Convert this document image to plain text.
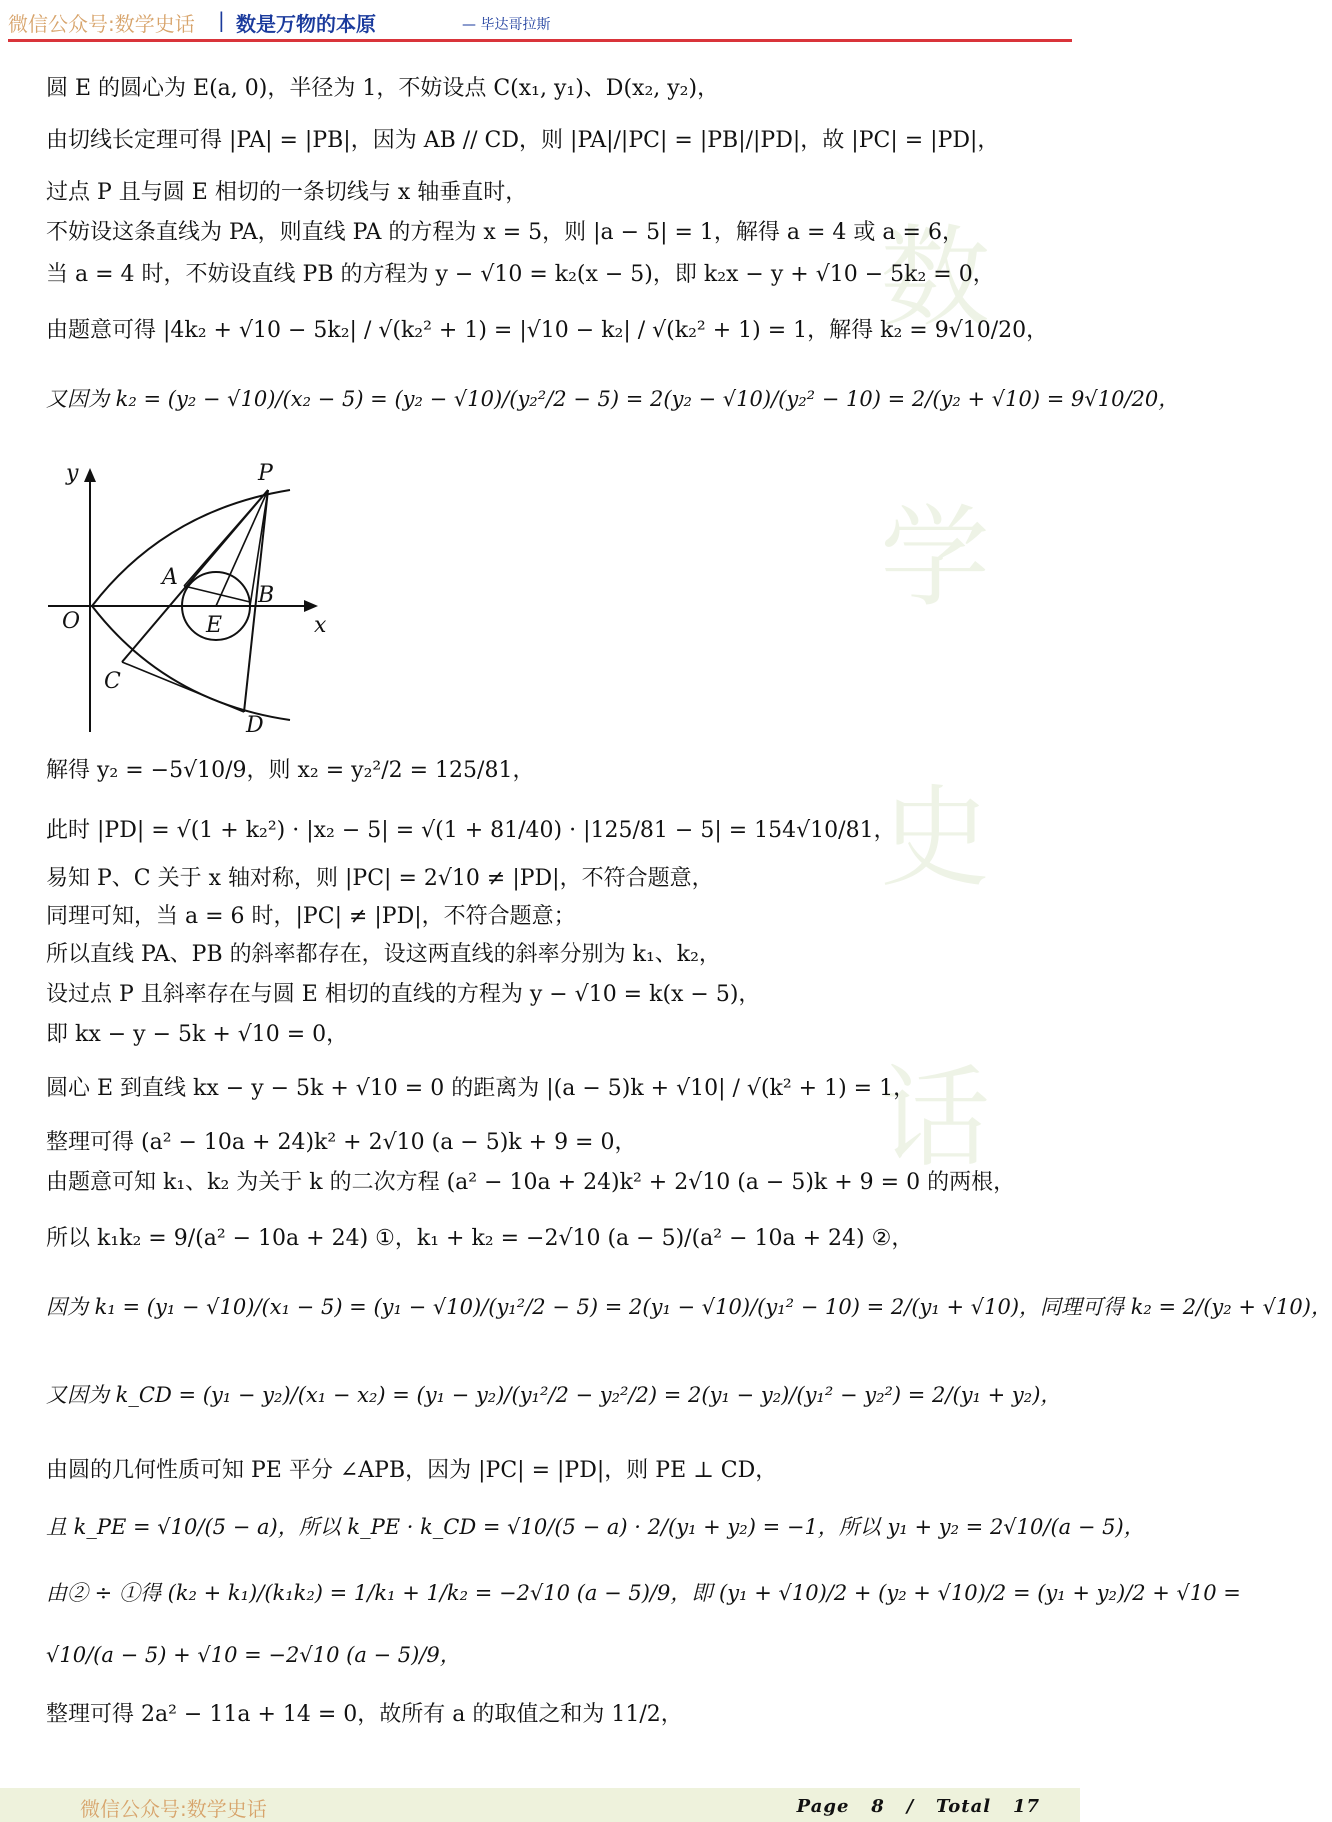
微信公众号:数学史话 | 数是万物的本原	— 毕达哥拉斯
数
学
史
话
圆 E 的圆心为 E(a, 0)，半径为 1，不妨设点 C(x₁, y₁)、D(x₂, y₂)，
由切线长定理可得 |PA| = |PB|，因为 AB // CD，则 |PA|/|PC| = |PB|/|PD|，故 |PC| = |PD|，
过点 P 且与圆 E 相切的一条切线与 x 轴垂直时，
不妨设这条直线为 PA，则直线 PA 的方程为 x = 5，则 |a − 5| = 1，解得 a = 4 或 a = 6，
当 a = 4 时，不妨设直线 PB 的方程为 y − √10 = k₂(x − 5)，即 k₂x − y + √10 − 5k₂ = 0，
由题意可得 |4k₂ + √10 − 5k₂| / √(k₂² + 1) = |√10 − k₂| / √(k₂² + 1) = 1，解得 k₂ = 9√10/20，
又因为 k₂ = (y₂ − √10)/(x₂ − 5) = (y₂ − √10)/(y₂²/2 − 5) = 2(y₂ − √10)/(y₂² − 10) = 2/(y₂ + √10) = 9√10/20，
y
x
O
P
A
B
E
C
D
解得 y₂ = −5√10/9，则 x₂ = y₂²/2 = 125/81，
此时 |PD| = √(1 + k₂²) · |x₂ − 5| = √(1 + 81/40) · |125/81 − 5| = 154√10/81，
易知 P、C 关于 x 轴对称，则 |PC| = 2√10 ≠ |PD|，不符合题意，
同理可知，当 a = 6 时，|PC| ≠ |PD|，不符合题意；
所以直线 PA、PB 的斜率都存在，设这两直线的斜率分别为 k₁、k₂，
设过点 P 且斜率存在与圆 E 相切的直线的方程为 y − √10 = k(x − 5)，
即 kx − y − 5k + √10 = 0，
圆心 E 到直线 kx − y − 5k + √10 = 0 的距离为 |(a − 5)k + √10| / √(k² + 1) = 1，
整理可得 (a² − 10a + 24)k² + 2√10 (a − 5)k + 9 = 0，
由题意可知 k₁、k₂ 为关于 k 的二次方程 (a² − 10a + 24)k² + 2√10 (a − 5)k + 9 = 0 的两根，
所以 k₁k₂ = 9/(a² − 10a + 24) ①，k₁ + k₂ = −2√10 (a − 5)/(a² − 10a + 24) ②，
因为 k₁ = (y₁ − √10)/(x₁ − 5) = (y₁ − √10)/(y₁²/2 − 5) = 2(y₁ − √10)/(y₁² − 10) = 2/(y₁ + √10)，同理可得 k₂ = 2/(y₂ + √10)，
又因为 k_CD = (y₁ − y₂)/(x₁ − x₂) = (y₁ − y₂)/(y₁²/2 − y₂²/2) = 2(y₁ − y₂)/(y₁² − y₂²) = 2/(y₁ + y₂)，
由圆的几何性质可知 PE 平分 ∠APB，因为 |PC| = |PD|，则 PE ⊥ CD，
且 k_PE = √10/(5 − a)，所以 k_PE · k_CD = √10/(5 − a) · 2/(y₁ + y₂) = −1，所以 y₁ + y₂ = 2√10/(a − 5)，
由② ÷ ①得 (k₂ + k₁)/(k₁k₂) = 1/k₁ + 1/k₂ = −2√10 (a − 5)/9，即 (y₁ + √10)/2 + (y₂ + √10)/2 = (y₁ + y₂)/2 + √10 =
√10/(a − 5) + √10 = −2√10 (a − 5)/9，
整理可得 2a² − 11a + 14 = 0，故所有 a 的取值之和为 11/2，
微信公众号:数学史话	Page 8 / Total 17
